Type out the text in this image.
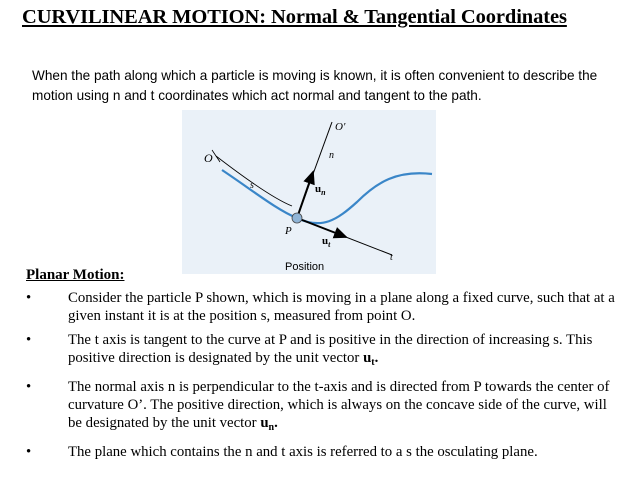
CURVILINEAR MOTION: Normal & Tangential Coordinates
When the path along which a particle is moving is known, it is often convenient to describe the motion using n and t coordinates which act normal and tangent to the path.
O
O'
n
s	$u_n$
P
$u_t$
t
Position
Planar Motion:
• Consider the particle P shown, which is moving in a plane along a fixed curve, such that at a given instant it is at the position s, measured from point O.
• The t axis is tangent to the curve at P and is positive in the direction of increasing s. This positive direction is designated by the unit vector $u_t$.
• The normal axis n is perpendicular to the t-axis and is directed from P towards the center of curvature O’. The positive direction, which is always on the concave side of the curve, will be designated by the unit vector $u_n$.
• The plane which contains the n and t axis is referred to a s the osculating plane.
